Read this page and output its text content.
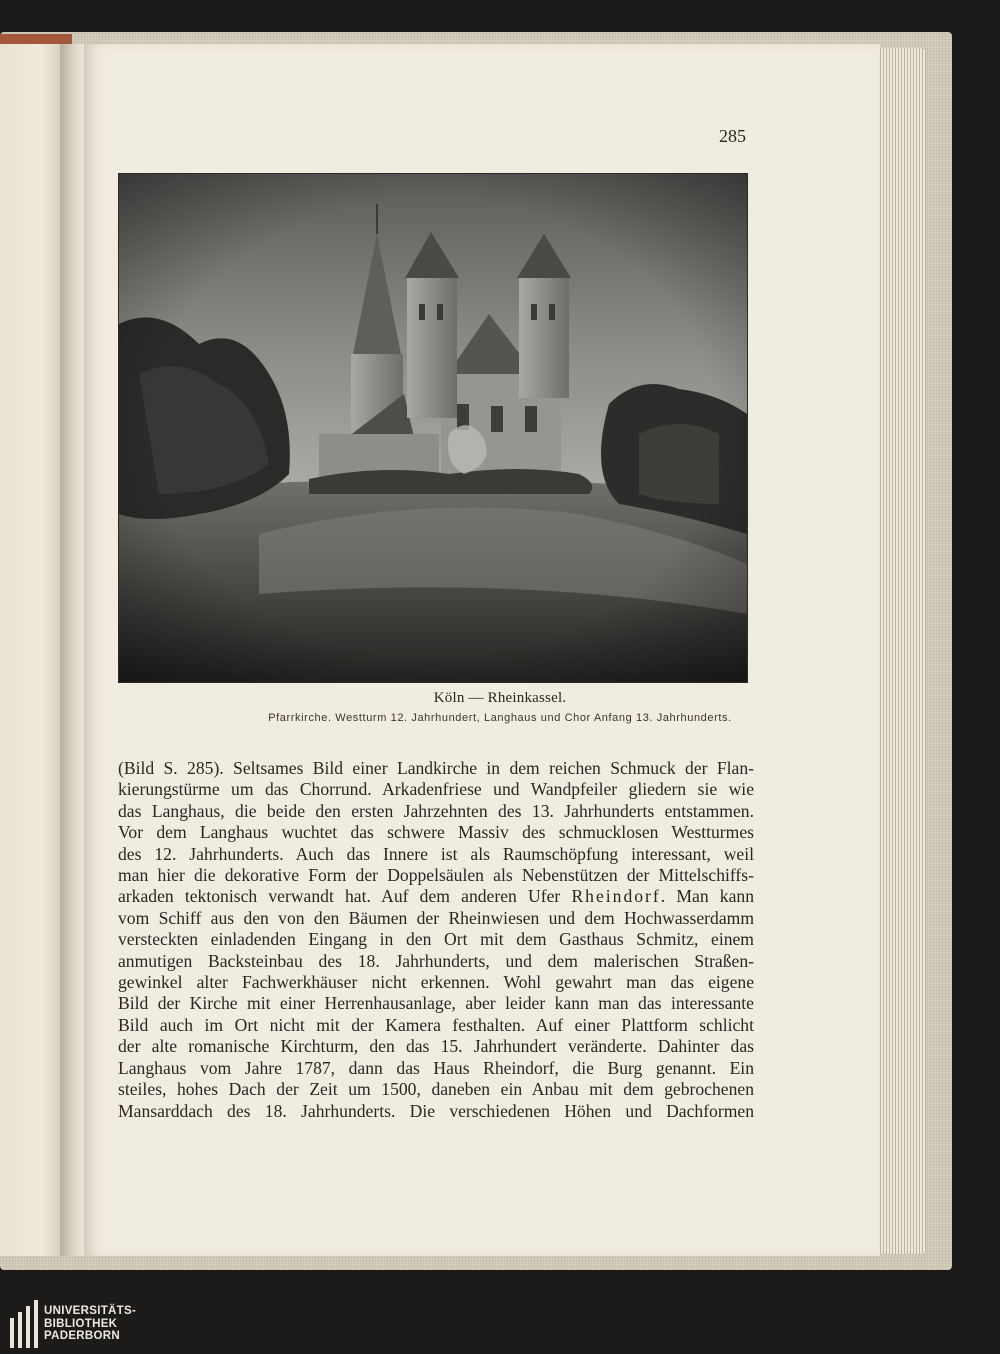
285
Köln — Rheinkassel.
Pfarrkirche. Westturm 12. Jahrhundert, Langhaus und Chor Anfang 13. Jahrhunderts.
(Bild S. 285). Seltsames Bild einer Landkirche in dem reichen Schmuck der Flan-
kierungstürme um das Chorrund. Arkadenfriese und Wandpfeiler gliedern sie wie
das Langhaus, die beide den ersten Jahrzehnten des 13. Jahrhunderts entstammen.
Vor dem Langhaus wuchtet das schwere Massiv des schmucklosen Westturmes
des 12. Jahrhunderts. Auch das Innere ist als Raumschöpfung interessant, weil
man hier die dekorative Form der Doppelsäulen als Nebenstützen der Mittelschiffs-
arkaden tektonisch verwandt hat. Auf dem anderen Ufer Rheindorf. Man kann
vom Schiff aus den von den Bäumen der Rheinwiesen und dem Hochwasserdamm
versteckten einladenden Eingang in den Ort mit dem Gasthaus Schmitz, einem
anmutigen Backsteinbau des 18. Jahrhunderts, und dem malerischen Straßen-
gewinkel alter Fachwerkhäuser nicht erkennen. Wohl gewahrt man das eigene
Bild der Kirche mit einer Herrenhausanlage, aber leider kann man das interessante
Bild auch im Ort nicht mit der Kamera festhalten. Auf einer Plattform schlicht
der alte romanische Kirchturm, den das 15. Jahrhundert veränderte. Dahinter das
Langhaus vom Jahre 1787, dann das Haus Rheindorf, die Burg genannt. Ein
steiles, hohes Dach der Zeit um 1500, daneben ein Anbau mit dem gebrochenen
Mansarddach des 18. Jahrhunderts. Die verschiedenen Höhen und Dachformen
UNIVERSITÄTS-
BIBLIOTHEK
PADERBORN
